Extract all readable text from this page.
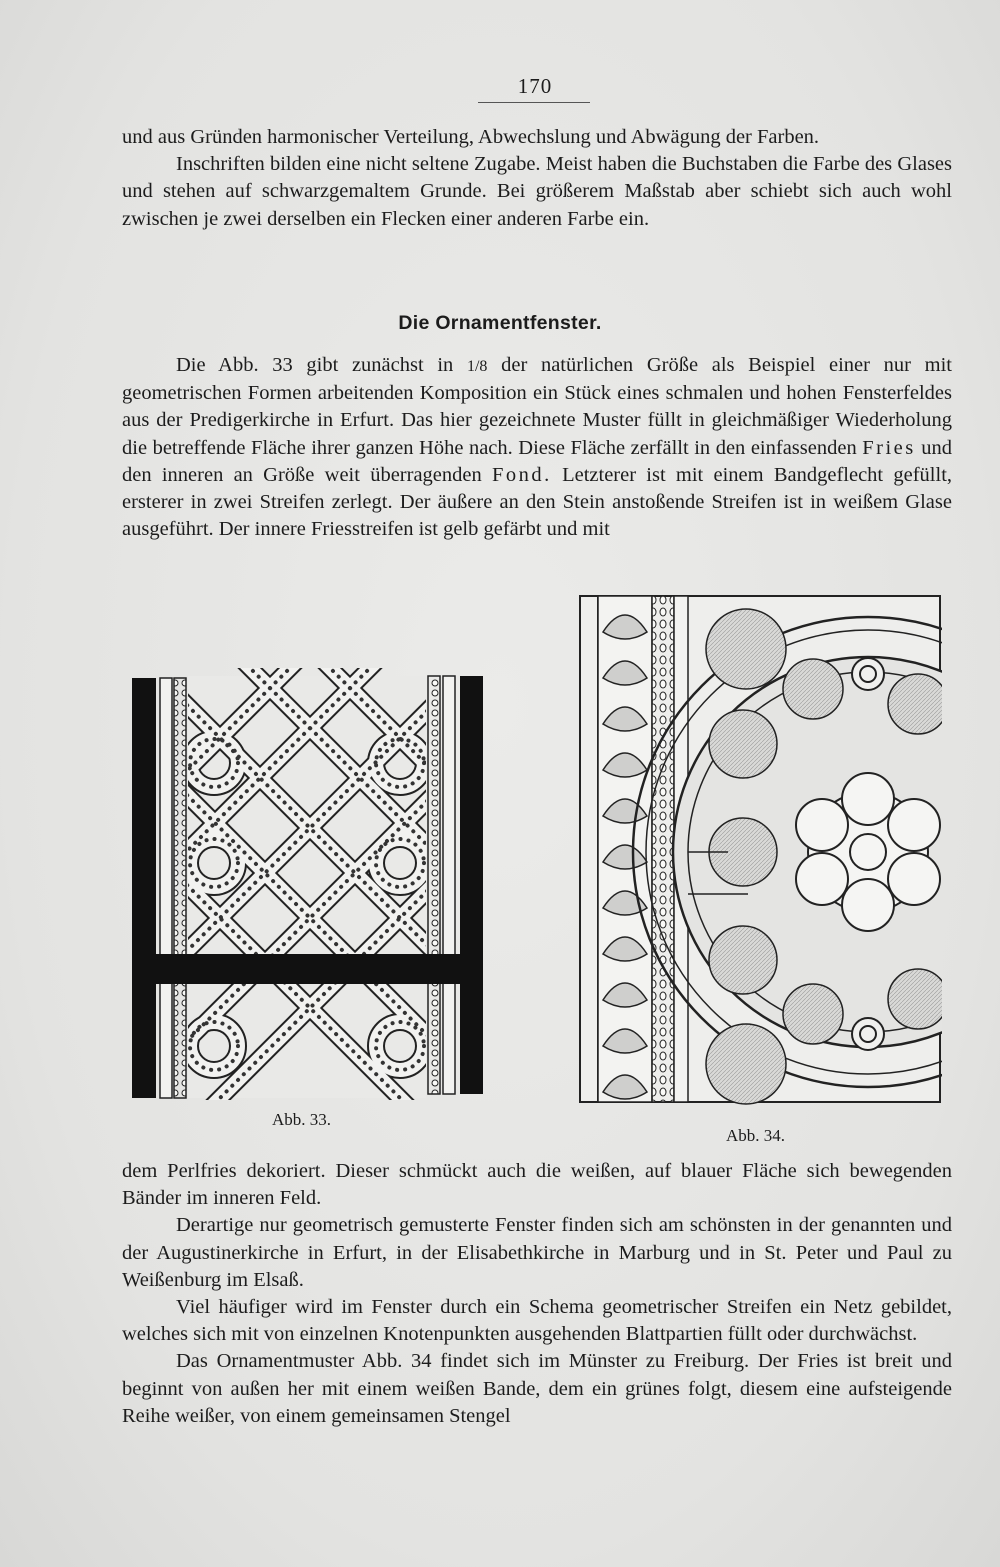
170

und aus Gründen harmonischer Verteilung, Abwechslung und Abwägung der Farben.

Inschriften bilden eine nicht seltene Zugabe. Meist haben die Buchstaben die Farbe des Glases und stehen auf schwarzgemaltem Grunde. Bei größerem Maßstab aber schiebt sich auch wohl zwischen je zwei derselben ein Flecken einer anderen Farbe ein.

Die Ornamentfenster.

Die Abb. 33 gibt zunächst in 1/8 der natürlichen Größe als Beispiel einer nur mit geometrischen Formen arbeitenden Komposition ein Stück eines schmalen und hohen Fensterfeldes aus der Predigerkirche in Erfurt. Das hier gezeichnete Muster füllt in gleichmäßiger Wiederholung die betreffende Fläche ihrer ganzen Höhe nach. Diese Fläche zerfällt in den einfassenden Fries und den inneren an Größe weit überragenden Fond. Letzterer ist mit einem Bandgeflecht gefüllt, ersterer in zwei Streifen zerlegt. Der äußere an den Stein anstoßende Streifen ist in weißem Glase ausgeführt. Der innere Friesstreifen ist gelb gefärbt und mit

Abb. 33.
Abb. 34.

dem Perlfries dekoriert. Dieser schmückt auch die weißen, auf blauer Fläche sich bewegenden Bänder im inneren Feld.

Derartige nur geometrisch gemusterte Fenster finden sich am schönsten in der genannten und der Augustinerkirche in Erfurt, in der Elisabethkirche in Marburg und in St. Peter und Paul zu Weißenburg im Elsaß.

Viel häufiger wird im Fenster durch ein Schema geometrischer Streifen ein Netz gebildet, welches sich mit von einzelnen Knotenpunkten ausgehenden Blattpartien füllt oder durchwächst.

Das Ornamentmuster Abb. 34 findet sich im Münster zu Freiburg. Der Fries ist breit und beginnt von außen her mit einem weißen Bande, dem ein grünes folgt, diesem eine aufsteigende Reihe weißer, von einem gemeinsamen Stengel
